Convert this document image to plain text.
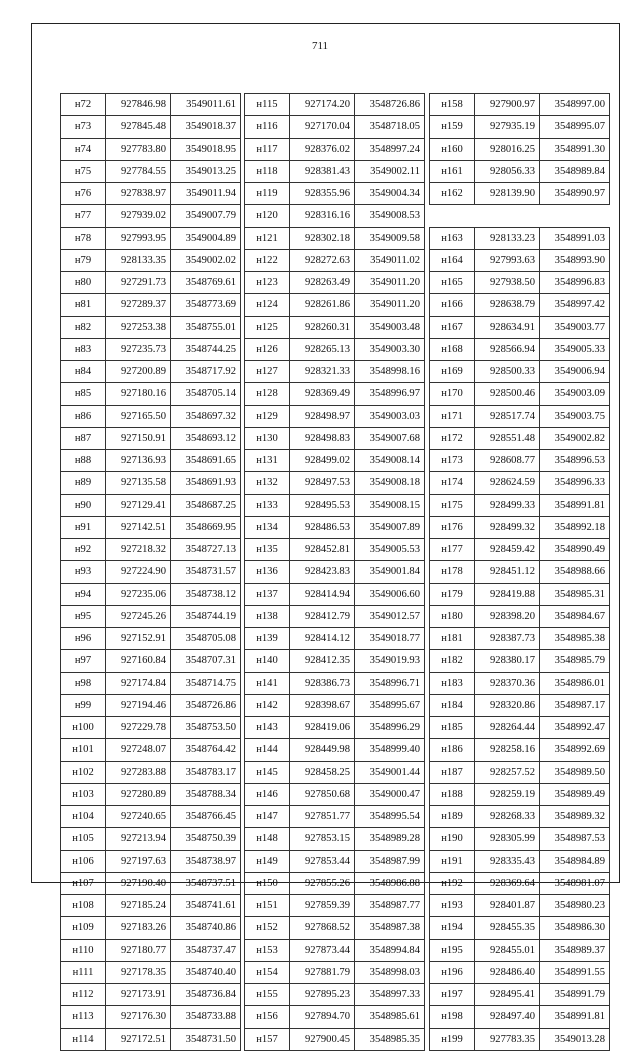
711
н72	927846.98	3549011.61
н73	927845.48	3549018.37
н74	927783.80	3549018.95
н75	927784.55	3549013.25
н76	927838.97	3549011.94
н77	927939.02	3549007.79
н78	927993.95	3549004.89
н79	928133.35	3549002.02
н80	927291.73	3548769.61
н81	927289.37	3548773.69
н82	927253.38	3548755.01
н83	927235.73	3548744.25
н84	927200.89	3548717.92
н85	927180.16	3548705.14
н86	927165.50	3548697.32
н87	927150.91	3548693.12
н88	927136.93	3548691.65
н89	927135.58	3548691.93
н90	927129.41	3548687.25
н91	927142.51	3548669.95
н92	927218.32	3548727.13
н93	927224.90	3548731.57
н94	927235.06	3548738.12
н95	927245.26	3548744.19
н96	927152.91	3548705.08
н97	927160.84	3548707.31
н98	927174.84	3548714.75
н99	927194.46	3548726.86
н100	927229.78	3548753.50
н101	927248.07	3548764.42
н102	927283.88	3548783.17
н103	927280.89	3548788.34
н104	927240.65	3548766.45
н105	927213.94	3548750.39
н106	927197.63	3548738.97
н107	927190.40	3548737.51
н108	927185.24	3548741.61
н109	927183.26	3548740.86
н110	927180.77	3548737.47
н111	927178.35	3548740.40
н112	927173.91	3548736.84
н113	927176.30	3548733.88
н114	927172.51	3548731.50
н115	927174.20	3548726.86
н116	927170.04	3548718.05
н117	928376.02	3548997.24
н118	928381.43	3549002.11
н119	928355.96	3549004.34
н120	928316.16	3549008.53
н121	928302.18	3549009.58
н122	928272.63	3549011.02
н123	928263.49	3549011.20
н124	928261.86	3549011.20
н125	928260.31	3549003.48
н126	928265.13	3549003.30
н127	928321.33	3548998.16
н128	928369.49	3548996.97
н129	928498.97	3549003.03
н130	928498.83	3549007.68
н131	928499.02	3549008.14
н132	928497.53	3549008.18
н133	928495.53	3549008.15
н134	928486.53	3549007.89
н135	928452.81	3549005.53
н136	928423.83	3549001.84
н137	928414.94	3549006.60
н138	928412.79	3549012.57
н139	928414.12	3549018.77
н140	928412.35	3549019.93
н141	928386.73	3548996.71
н142	928398.67	3548995.67
н143	928419.06	3548996.29
н144	928449.98	3548999.40
н145	928458.25	3549001.44
н146	927850.68	3549000.47
н147	927851.77	3548995.54
н148	927853.15	3548989.28
н149	927853.44	3548987.99
н150	927855.26	3548986.88
н151	927859.39	3548987.77
н152	927868.52	3548987.38
н153	927873.44	3548994.84
н154	927881.79	3548998.03
н155	927895.23	3548997.33
н156	927894.70	3548985.61
н157	927900.45	3548985.35
н158	927900.97	3548997.00
н159	927935.19	3548995.07
н160	928016.25	3548991.30
н161	928056.33	3548989.84
н162	928139.90	3548990.97

н163	928133.23	3548991.03
н164	927993.63	3548993.90
н165	927938.50	3548996.83
н166	928638.79	3548997.42
н167	928634.91	3549003.77
н168	928566.94	3549005.33
н169	928500.33	3549006.94
н170	928500.46	3549003.09
н171	928517.74	3549003.75
н172	928551.48	3549002.82
н173	928608.77	3548996.53
н174	928624.59	3548996.33
н175	928499.33	3548991.81
н176	928499.32	3548992.18
н177	928459.42	3548990.49
н178	928451.12	3548988.66
н179	928419.88	3548985.31
н180	928398.20	3548984.67
н181	928387.73	3548985.38
н182	928380.17	3548985.79
н183	928370.36	3548986.01
н184	928320.86	3548987.17
н185	928264.44	3548992.47
н186	928258.16	3548992.69
н187	928257.52	3548989.50
н188	928259.19	3548989.49
н189	928268.33	3548989.32
н190	928305.99	3548987.53
н191	928335.43	3548984.89
н192	928369.64	3548981.07
н193	928401.87	3548980.23
н194	928455.35	3548986.30
н195	928455.01	3548989.37
н196	928486.40	3548991.55
н197	928495.41	3548991.79
н198	928497.40	3548991.81
н199	927783.35	3549013.28
